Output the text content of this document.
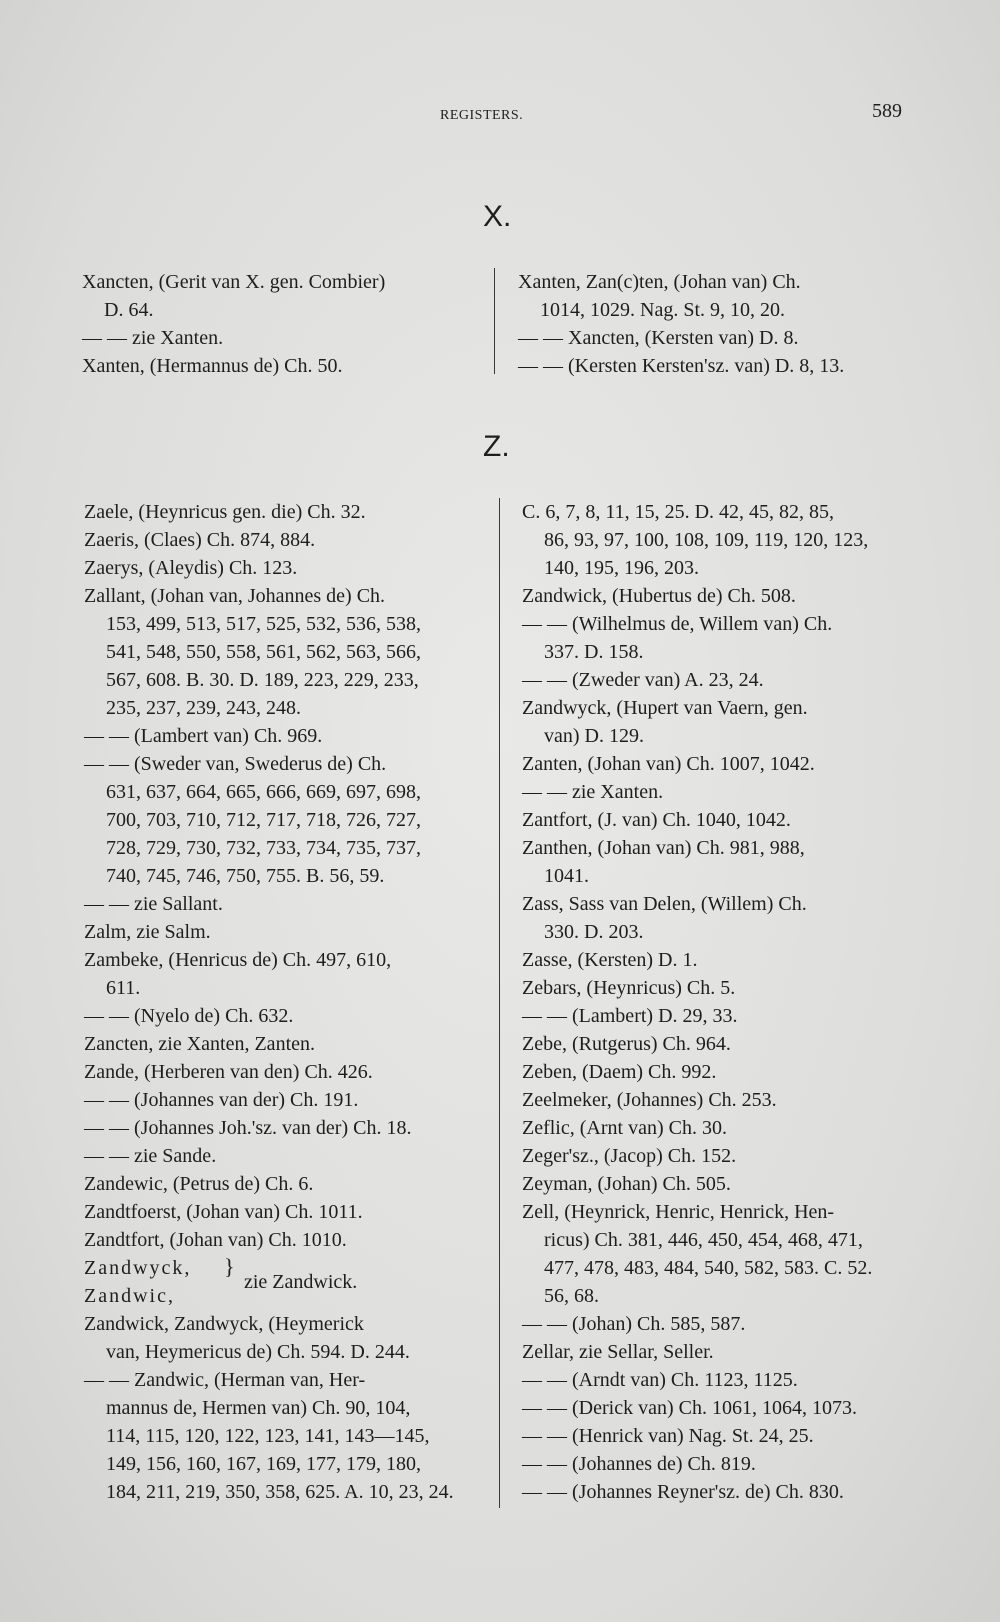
REGISTERS.	589
X.
Xancten, (Gerit van X. gen. Combier)
D. 64.
— — zie Xanten.
Xanten, (Hermannus de) Ch. 50.
Xanten, Zan(c)ten, (Johan van) Ch.
1014, 1029. Nag. St. 9, 10, 20.
— — Xancten, (Kersten van) D. 8.
— — (Kersten Kersten'sz. van) D. 8, 13.
Z.
Zaele, (Heynricus gen. die) Ch. 32.
Zaeris, (Claes) Ch. 874, 884.
Zaerys, (Aleydis) Ch. 123.
Zallant, (Johan van, Johannes de) Ch.
153, 499, 513, 517, 525, 532, 536, 538,
541, 548, 550, 558, 561, 562, 563, 566,
567, 608. B. 30. D. 189, 223, 229, 233,
235, 237, 239, 243, 248.
— — (Lambert van) Ch. 969.
— — (Sweder van, Swederus de) Ch.
631, 637, 664, 665, 666, 669, 697, 698,
700, 703, 710, 712, 717, 718, 726, 727,
728, 729, 730, 732, 733, 734, 735, 737,
740, 745, 746, 750, 755. B. 56, 59.
— — zie Sallant.
Zalm, zie Salm.
Zambeke, (Henricus de) Ch. 497, 610,
611.
— — (Nyelo de) Ch. 632.
Zancten, zie Xanten, Zanten.
Zande, (Herberen van den) Ch. 426.
— — (Johannes van der) Ch. 191.
— — (Johannes Joh.'sz. van der) Ch. 18.
— — zie Sande.
Zandewic, (Petrus de) Ch. 6.
Zandtfoerst, (Johan van) Ch. 1011.
Zandtfort, (Johan van) Ch. 1010.
Zandwyck,
Zandwic,
}
zie Zandwick.
Zandwick, Zandwyck, (Heymerick
van, Heymericus de) Ch. 594. D. 244.
— — Zandwic, (Herman van, Her-
mannus de, Hermen van) Ch. 90, 104,
114, 115, 120, 122, 123, 141, 143—145,
149, 156, 160, 167, 169, 177, 179, 180,
184, 211, 219, 350, 358, 625. A. 10, 23, 24.
C. 6, 7, 8, 11, 15, 25. D. 42, 45, 82, 85,
86, 93, 97, 100, 108, 109, 119, 120, 123,
140, 195, 196, 203.
Zandwick, (Hubertus de) Ch. 508.
— — (Wilhelmus de, Willem van) Ch.
337. D. 158.
— — (Zweder van) A. 23, 24.
Zandwyck, (Hupert van Vaern, gen.
van) D. 129.
Zanten, (Johan van) Ch. 1007, 1042.
— — zie Xanten.
Zantfort, (J. van) Ch. 1040, 1042.
Zanthen, (Johan van) Ch. 981, 988,
1041.
Zass, Sass van Delen, (Willem) Ch.
330. D. 203.
Zasse, (Kersten) D. 1.
Zebars, (Heynricus) Ch. 5.
— — (Lambert) D. 29, 33.
Zebe, (Rutgerus) Ch. 964.
Zeben, (Daem) Ch. 992.
Zeelmeker, (Johannes) Ch. 253.
Zeflic, (Arnt van) Ch. 30.
Zeger'sz., (Jacop) Ch. 152.
Zeyman, (Johan) Ch. 505.
Zell, (Heynrick, Henric, Henrick, Hen-
ricus) Ch. 381, 446, 450, 454, 468, 471,
477, 478, 483, 484, 540, 582, 583. C. 52.
56, 68.
— — (Johan) Ch. 585, 587.
Zellar, zie Sellar, Seller.
— — (Arndt van) Ch. 1123, 1125.
— — (Derick van) Ch. 1061, 1064, 1073.
— — (Henrick van) Nag. St. 24, 25.
— — (Johannes de) Ch. 819.
— — (Johannes Reyner'sz. de) Ch. 830.
